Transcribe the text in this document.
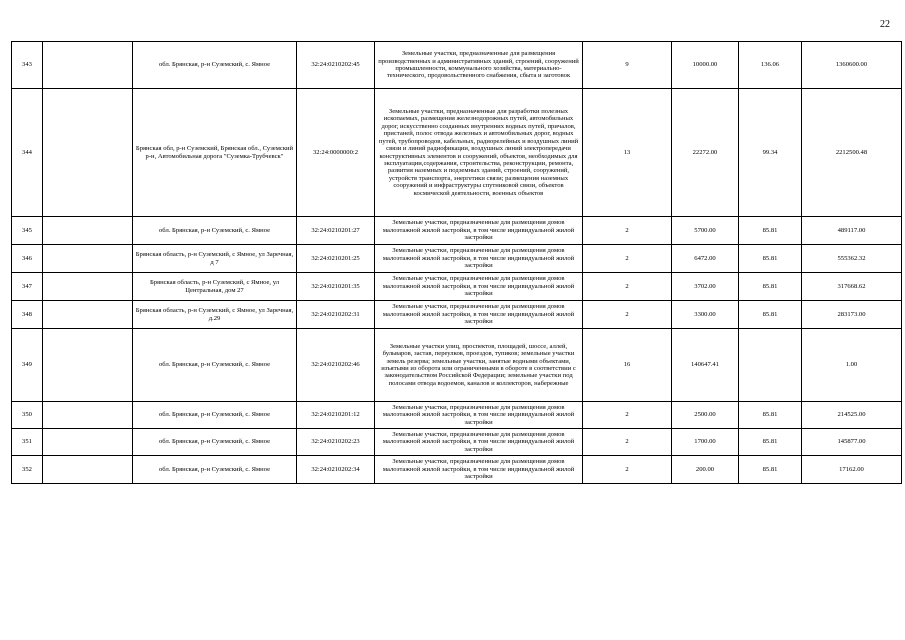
22
343		обл. Брянская, р-н Суземский, с. Ямное	32:24:0210202:45	Земельные участки, предназначенные для размещения производственных и административных зданий, строений, сооружений промышленности, коммунального хозяйства, материально-технического, продовольственного снабжения, сбыта и заготовок	9	10000.00	136.06	1360600.00
344		Брянская обл, р-н Суземский, Брянская обл., Суземский р-н, Автомобильная дорога "Суземка-Трубчевск"	32:24:0000000:2	Земельные участки, предназначенные для разработки полезных ископаемых, размещения железнодорожных путей, автомобильных дорог, искусственно созданных внутренних водных путей, причалов, пристаней, полос отвода железных и автомобильных дорог, водных путей, трубопроводов, кабельных, радиорелейных и воздушных линий связи и линий радиофикации, воздушных линий электропередачи конструктивных элементов и сооружений, объектов, необходимых для эксплуатации,содержания, строительства, реконструкции, ремонта, развития наземных и подземных зданий, строений, сооружений, устройств транспорта, энергетики связи; размещения наземных сооружений и инфраструктуры спутниковой связи, объектов космической деятельности, военных объектов	13	22272.00	99.34	2212500.48
345		обл. Брянская, р-н Суземский, с. Ямное	32:24:0210201:27	Земельные участки, предназначенные для размещения домов малоэтажной жилой застройки, в том числе индивидуальной жилой застройки	2	5700.00	85.81	489117.00
346		Брянская область, р-н Суземский, с Ямное, ул Заречная, д 7	32:24:0210201:25	Земельные участки, предназначенные для размещения домов малоэтажной жилой застройки, в том числе индивидуальной жилой застройки	2	6472.00	85.81	555362.32
347		Брянская область, р-н Суземский, с Ямное, ул Центральная, дом 27	32:24:0210201:35	Земельные участки, предназначенные для размещения домов малоэтажной жилой застройки, в том числе индивидуальной жилой застройки	2	3702.00	85.81	317668.62
348		Брянская область, р-н Суземский, с Ямное, ул Заречная, д.29	32:24:0210202:31	Земельные участки, предназначенные для размещения домов малоэтажной жилой застройки, в том числе индивидуальной жилой застройки	2	3300.00	85.81	283173.00
349		обл. Брянская, р-н Суземский, с. Ямное	32:24:0210202:46	Земельные участки улиц, проспектов, площадей, шоссе, аллей, бульваров, застав, переулков, проездов, тупиков; земельные участки земель резерва; земельные участки, занятые водными объектами, изъятыми из оборота или ограниченными в обороте в соответствии с законодательством Российской Федерации; земельные участки под полосами отвода водоемов, каналов и коллекторов, набережные	16	140647.41		1.00
350		обл. Брянская, р-н Суземский, с. Ямное	32:24:0210201:12	Земельные участки, предназначенные для размещения домов малоэтажной жилой застройки, в том числе индивидуальной жилой застройки	2	2500.00	85.81	214525.00
351		обл. Брянская, р-н Суземский, с. Ямное	32:24:0210202:23	Земельные участки, предназначенные для размещения домов малоэтажной жилой застройки, в том числе индивидуальной жилой застройки	2	1700.00	85.81	145877.00
352		обл. Брянская, р-н Суземский, с. Ямное	32:24:0210202:34	Земельные участки, предназначенные для размещения домов малоэтажной жилой застройки, в том числе индивидуальной жилой застройки	2	200.00	85.81	17162.00
